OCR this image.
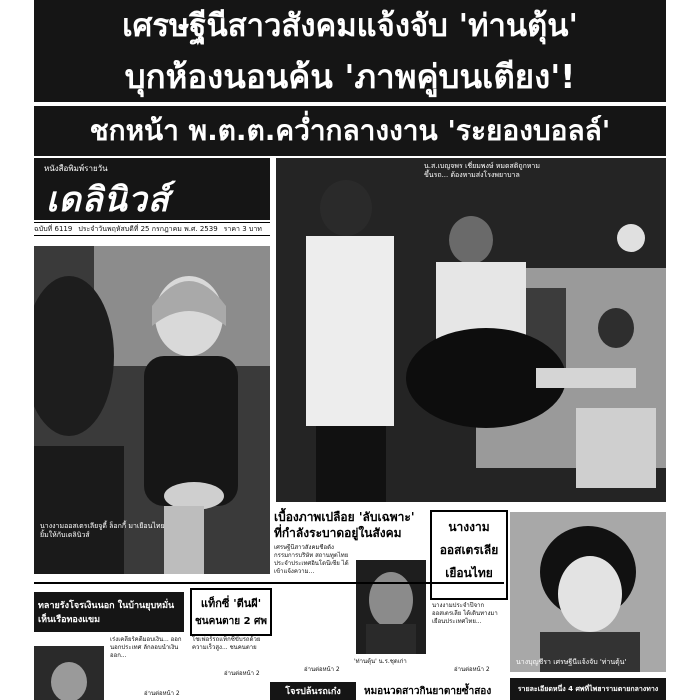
เศรษฐีนีสาวสังคมแจ้งจับ 'ท่านตุ้น'
บุกห้องนอนค้น 'ภาพคู่บนเตียง'!
ชกหน้า พ.ต.ต.คว่ำกลางงาน 'ระยองบอลล์'
หนังสือพิมพ์รายวัน
เดลินิวส์
ฉบับที่ 6119 ประจำวันพฤหัสบดีที่ 25 กรกฎาคม พ.ศ. 2539 ราคา 3 บาท
นางงามออสเตรเลียจูดี้ ล็อกกี้ มาเยือนไทย ยิ้มให้กับเดลินิวส์
น.ส.เบญจพร เชี่ยมพงษ์ หมดสติถูกหามขึ้นรถ... ต้องหามส่งโรงพยาบาล
เบื้องภาพเปลือย 'ลับเฉพาะ'
ที่กำลังระบาดอยู่ในสังคม
เศรษฐีนีสาวสังคมชื่อดัง กรรมการบริษัท สถานทูตไทยประจำประเทศอินโดนีเซีย ได้เข้าแจ้งความ...
อ่านต่อหน้า 2
'ท่านตุ้น' น.ร.ชุดเก่า
นางงาม
ออสเตรเลีย
เยือนไทย
นางงามประจำปีจากออสเตรเลีย ได้เดินทางมาเยือนประเทศไทย...
อ่านต่อหน้า 2
นางบุญชีรา เศรษฐีนีแจ้งจับ 'ท่านตุ้น'
ทลายรังโจรเงินนอก ในบ้านยุบหมั่นเห็นเรือทองแขม
เร่งเคลียร์คดีมอบเงิน... ออกนอกประเทศ ลักลอบนำเงินออก...
อ่านต่อหน้า 2
แท็กซี่ 'ตีนผี'
ชนคนตาย 2 ศพ
โชเฟอร์รถแท็กซี่ขับรถด้วยความเร็วสูง... ชนคนตาย
อ่านต่อหน้า 2
โจรปล้นรถเก๋ง	หมอนวดสาวกินยาตายซ้ำสอง	รายละเอียดหนึ่ง 4 ศพที่ไพฮารามตายกลางทาง
